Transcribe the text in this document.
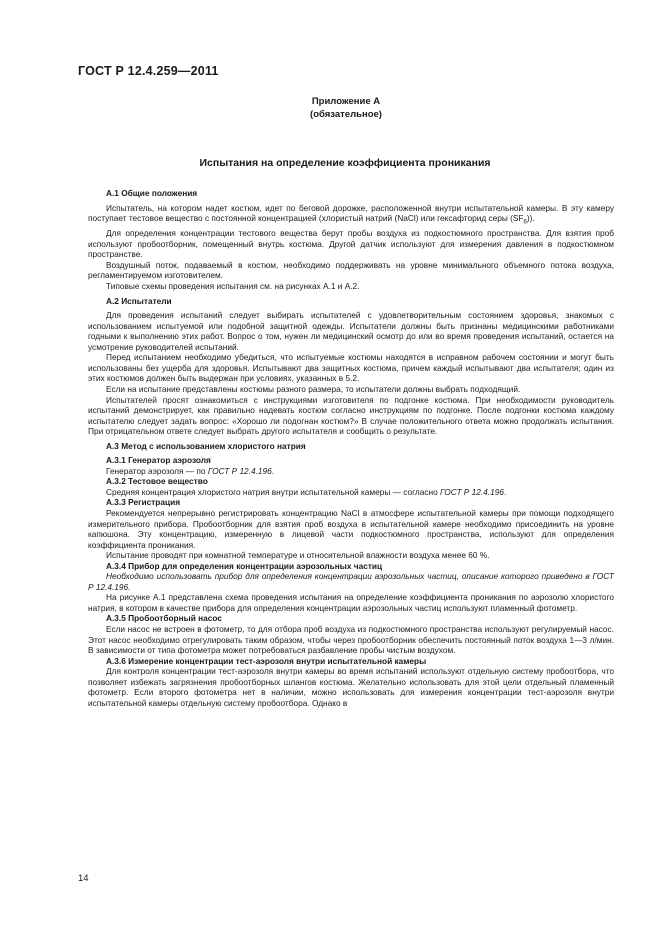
ГОСТ Р 12.4.259—2011
Приложение А
(обязательное)
Испытания на определение коэффициента проникания
А.1 Общие положения

Испытатель, на котором надет костюм, идет по беговой дорожке, расположенной внутри испытательной камеры. В эту камеру поступает тестовое вещество с постоянной концентрацией (хлористый натрий (NaCl) или гексафторид серы $(SF_6)$).

Для определения концентрации тестового вещества берут пробы воздуха из подкостюмного пространства. Для взятия проб используют пробоотборник, помещенный внутрь костюма. Другой датчик используют для измерения давления в подкостюмном пространстве.

Воздушный поток, подаваемый в костюм, необходимо поддерживать на уровне минимального объемного потока воздуха, регламентируемом изготовителем.

Типовые схемы проведения испытания см. на рисунках А.1 и А.2.

А.2 Испытатели

Для проведения испытаний следует выбирать испытателей с удовлетворительным состоянием здоровья, знакомых с использованием испытуемой или подобной защитной одежды. Испытатели должны быть признаны медицинскими работниками годными к выполнению этих работ. Вопрос о том, нужен ли медицинский осмотр до или во время проведения испытаний, остается на усмотрение руководителей испытаний.

Перед испытанием необходимо убедиться, что испытуемые костюмы находятся в исправном рабочем состоянии и могут быть использованы без ущерба для здоровья. Испытывают два защитных костюма, причем каждый испытывают два испытателя; один из этих костюмов должен быть выдержан при условиях, указанных в 5.2.

Если на испытание представлены костюмы разного размера, то испытатели должны выбрать подходящий.

Испытателей просят ознакомиться с инструкциями изготовителя по подгонке костюма. При необходимости руководитель испытаний демонстрирует, как правильно надевать костюм согласно инструкциям по подгонке. После подгонки костюма каждому испытателю следует задать вопрос: «Хорошо ли подогнан костюм?» В случае положительного ответа можно продолжать испытания. При отрицательном ответе следует выбрать другого испытателя и сообщить о результате.

А.3 Метод с использованием хлористого натрия
А.3.1 Генератор аэрозоля

Генератор аэрозоля — по ГОСТ Р 12.4.196.

А.3.2 Тестовое вещество

Средняя концентрация хлористого натрия внутри испытательной камеры — согласно ГОСТ Р 12.4.196.

А.3.3 Регистрация

Рекомендуется непрерывно регистрировать концентрацию NaCl в атмосфере испытательной камеры при помощи подходящего измерительного прибора. Пробоотборник для взятия проб воздуха в испытательной камере необходимо присоединить на уровне капюшона. Эту концентрацию, измеренную в лицевой части подкостюмного пространства, используют для определения коэффициента проникания.

Испытание проводят при комнатной температуре и относительной влажности воздуха менее 60 %.

А.3.4 Прибор для определения концентрации аэрозольных частиц

Необходимо использовать прибор для определения концентрации аэрозольных частиц, описание которого приведено в ГОСТ Р 12.4.196.

На рисунке А.1 представлена схема проведения испытания на определение коэффициента проникания по аэрозолю хлористого натрия, в котором в качестве прибора для определения концентрации аэрозольных частиц используют пламенный фотометр.

А.3.5 Пробоотборный насос

Если насос не встроен в фотометр, то для отбора проб воздуха из подкостюмного пространства используют регулируемый насос. Этот насос необходимо отрегулировать таким образом, чтобы через пробоотборник обеспечить постоянный поток воздуха 1—3 л/мин. В зависимости от типа фотометра может потребоваться разбавление пробы чистым воздухом.

А.3.6 Измерение концентрации тест-аэрозоля внутри испытательной камеры

Для контроля концентрации тест-аэрозоля внутри камеры во время испытаний используют отдельную систему пробоотбора, что позволяет избежать загрязнения пробоотборных шлангов костюма. Желательно использовать для этой цели отдельный пламенный фотометр. Если второго фотометра нет в наличии, можно использовать для измерения концентрации тест-аэрозоля внутри испытательной камеры отдельную систему пробоотбора. Однако в

14
